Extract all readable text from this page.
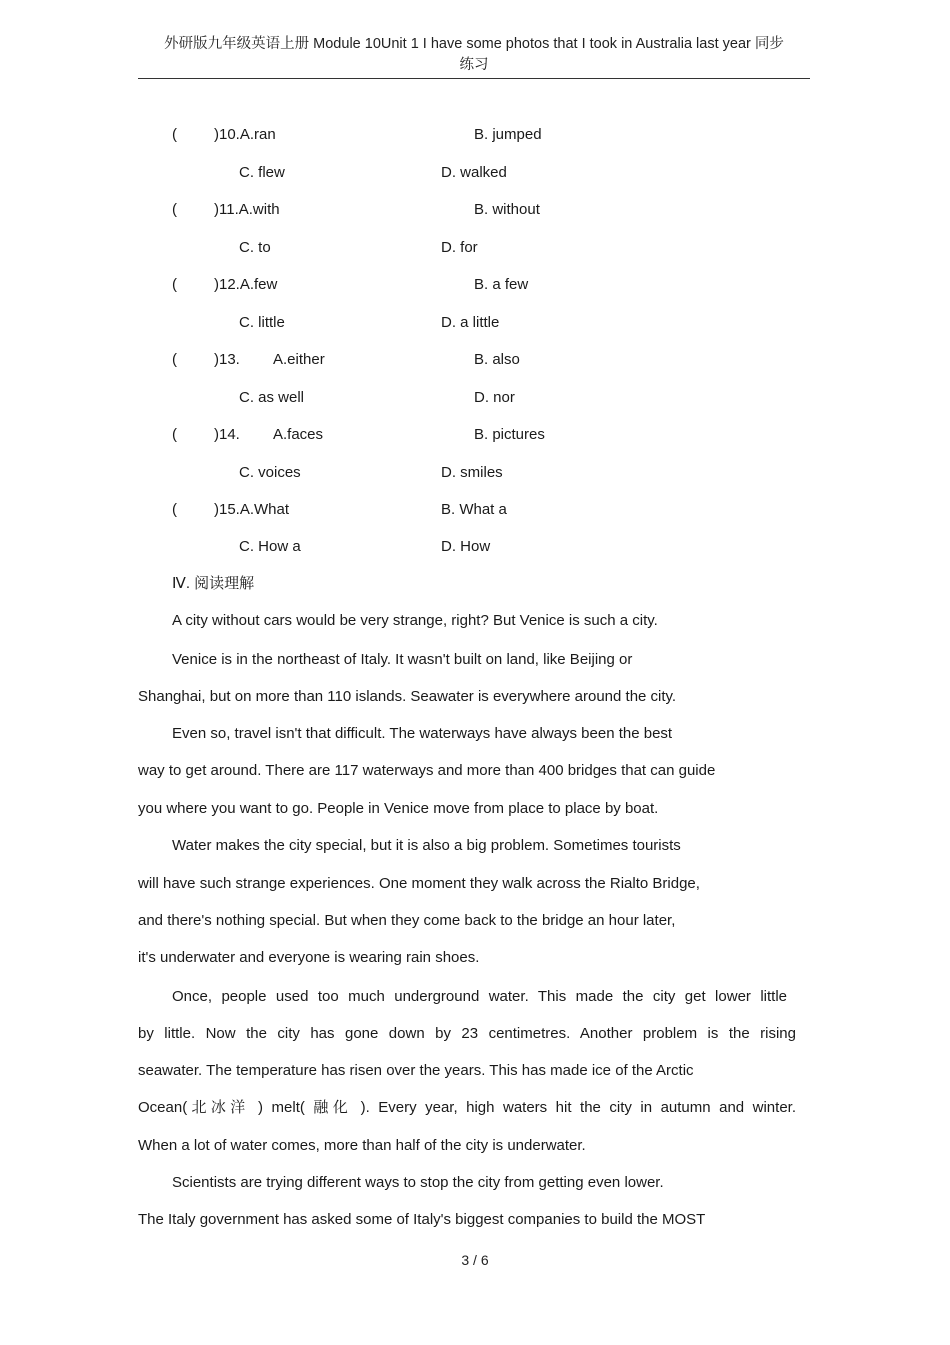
外研版九年级英语上册 Module 10Unit 1 I have some photos that I took in Australia last year 同步
练习
( )10.A.ran	B. jumped
C. flew	D. walked
( )11.A.with	B. without
C. to	D. for
( )12.A.few	B. a few
C. little	D. a little
( )13. A.either	B. also
C. as well	D. nor
( )14. A.faces	B. pictures
C. voices	D. smiles
( )15.A.What	B. What a
C. How a	D. How
Ⅳ. 阅读理解
A city without cars would be very strange, right? But Venice is such a city.
Venice is in the northeast of Italy. It wasn't built on land, like Beijing or
Shanghai, but on more than 110 islands. Seawater is everywhere around the city.
Even so, travel isn't that difficult. The waterways have always been the best
way to get around. There are 117 waterways and more than 400 bridges that can guide
you where you want to go. People in Venice move from place to place by boat.
Water makes the city special, but it is also a big problem. Sometimes tourists
will have such strange experiences. One moment they walk across the Rialto Bridge,
and there's nothing special. But when they come back to the bridge an hour later,
it's underwater and everyone is wearing rain shoes.
Once, people used too much underground water. This made the city get lower little
by little. Now the city has gone down by 23 centimetres. Another problem is the rising
seawater. The temperature has risen over the years. This has made ice of the Arctic
Ocean(北冰洋 ) melt( 融化 ). Every year, high waters hit the city in autumn and winter.
When a lot of water comes, more than half of the city is underwater.
Scientists are trying different ways to stop the city from getting even lower.
The Italy government has asked some of Italy's biggest companies to build the MOST
3 / 6
